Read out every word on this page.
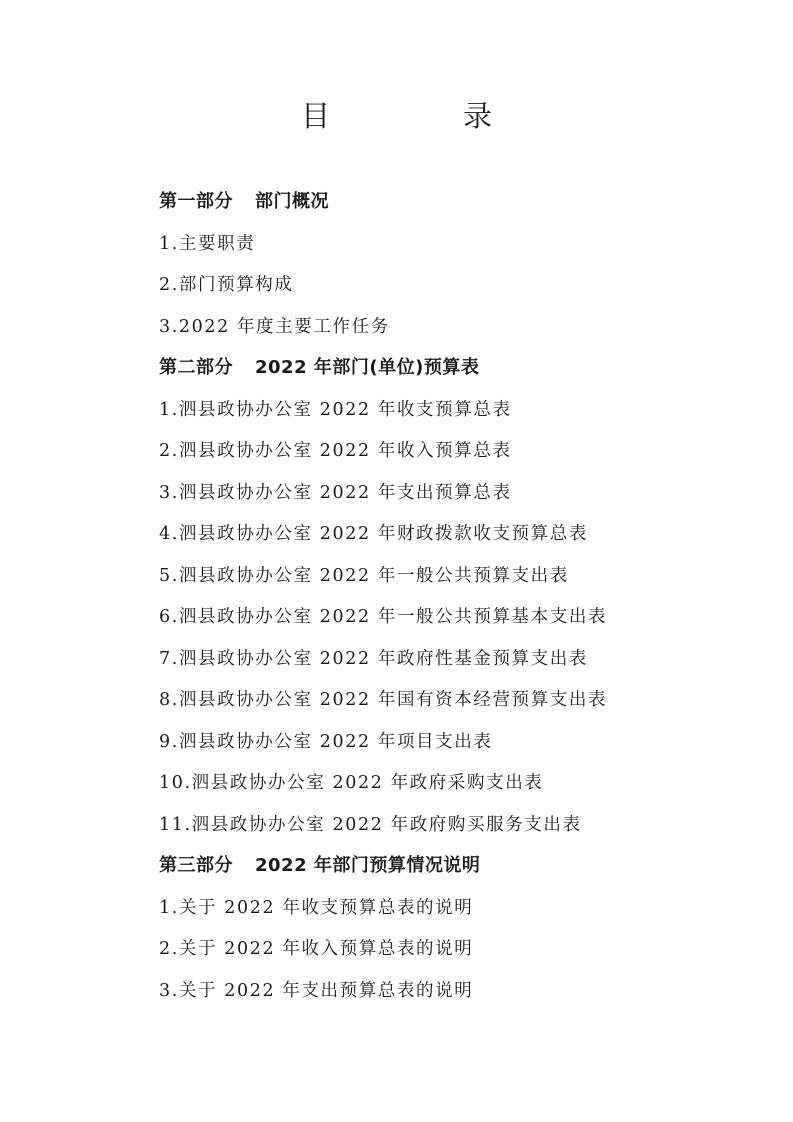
目　录
第一部分 部门概况
1.主要职责
2.部门预算构成
3.2022 年度主要工作任务
第二部分 2022 年部门(单位)预算表
1.泗县政协办公室 2022 年收支预算总表
2.泗县政协办公室 2022 年收入预算总表
3.泗县政协办公室 2022 年支出预算总表
4.泗县政协办公室 2022 年财政拨款收支预算总表
5.泗县政协办公室 2022 年一般公共预算支出表
6.泗县政协办公室 2022 年一般公共预算基本支出表
7.泗县政协办公室 2022 年政府性基金预算支出表
8.泗县政协办公室 2022 年国有资本经营预算支出表
9.泗县政协办公室 2022 年项目支出表
10.泗县政协办公室 2022 年政府采购支出表
11.泗县政协办公室 2022 年政府购买服务支出表
第三部分 2022 年部门预算情况说明
1.关于 2022 年收支预算总表的说明
2.关于 2022 年收入预算总表的说明
3.关于 2022 年支出预算总表的说明
